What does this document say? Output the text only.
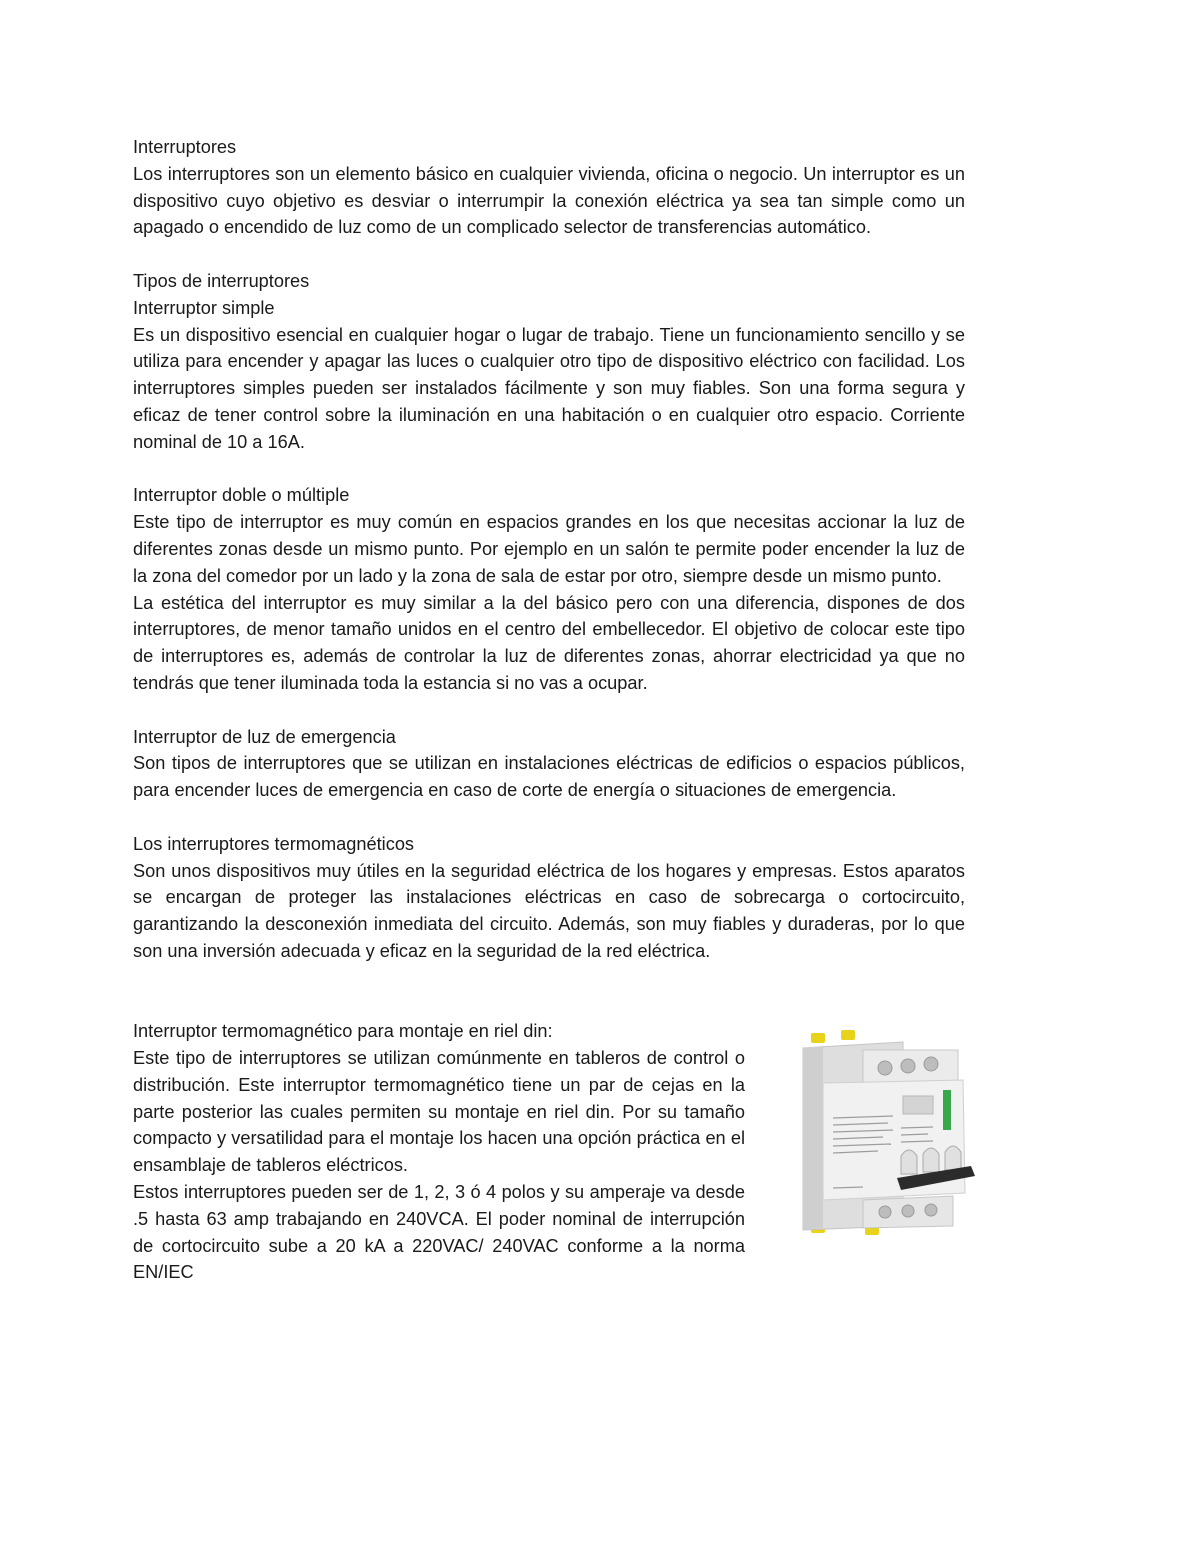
Interruptores

Los interruptores son un elemento básico en cualquier vivienda, oficina o negocio. Un interruptor es un dispositivo cuyo objetivo es desviar o interrumpir la conexión eléctrica ya sea tan simple como un apagado o encendido de luz como de un complicado selector de transferencias automático.

Tipos de interruptores

Interruptor simple

Es un dispositivo esencial en cualquier hogar o lugar de trabajo. Tiene un funcionamiento sencillo y se utiliza para encender y apagar las luces o cualquier otro tipo de dispositivo eléctrico con facilidad. Los interruptores simples pueden ser instalados fácilmente y son muy fiables. Son una forma segura y eficaz de tener control sobre la iluminación en una habitación o en cualquier otro espacio. Corriente nominal de 10 a 16A.

Interruptor doble o múltiple

Este tipo de interruptor es muy común en espacios grandes en los que necesitas accionar la luz de diferentes zonas desde un mismo punto. Por ejemplo en un salón te permite poder encender la luz de la zona del comedor por un lado y la zona de sala de estar por otro, siempre desde un mismo punto.

La estética del interruptor es muy similar a la del básico pero con una diferencia, dispones de dos interruptores, de menor tamaño unidos en el centro del embellecedor. El objetivo de colocar este tipo de interruptores es, además de controlar la luz de diferentes zonas, ahorrar electricidad ya que no tendrás que tener iluminada toda la estancia si no vas a ocupar.

Interruptor de luz de emergencia

Son tipos de interruptores que se utilizan en instalaciones eléctricas de edificios o espacios públicos, para encender luces de emergencia en caso de corte de energía o situaciones de emergencia.

Los interruptores termomagnéticos

Son unos dispositivos muy útiles en la seguridad eléctrica de los hogares y empresas. Estos aparatos se encargan de proteger las instalaciones eléctricas en caso de sobrecarga o cortocircuito, garantizando la desconexión inmediata del circuito. Además, son muy fiables y duraderas, por lo que son una inversión adecuada y eficaz en la seguridad de la red eléctrica.

Interruptor termomagnético para montaje en riel din:

Este tipo de interruptores se utilizan comúnmente en tableros de control o distribución. Este interruptor termomagnético tiene un par de cejas en la parte posterior las cuales permiten su montaje en riel din. Por su tamaño compacto y versatilidad para el montaje los hacen una opción práctica en el ensamblaje de tableros eléctricos.

Estos interruptores pueden ser de 1, 2, 3 ó 4 polos y su amperaje va desde .5 hasta 63 amp trabajando en 240VCA. El poder nominal de interrupción de cortocircuito sube a 20 kA a 220VAC/ 240VAC conforme a la norma EN/IEC
